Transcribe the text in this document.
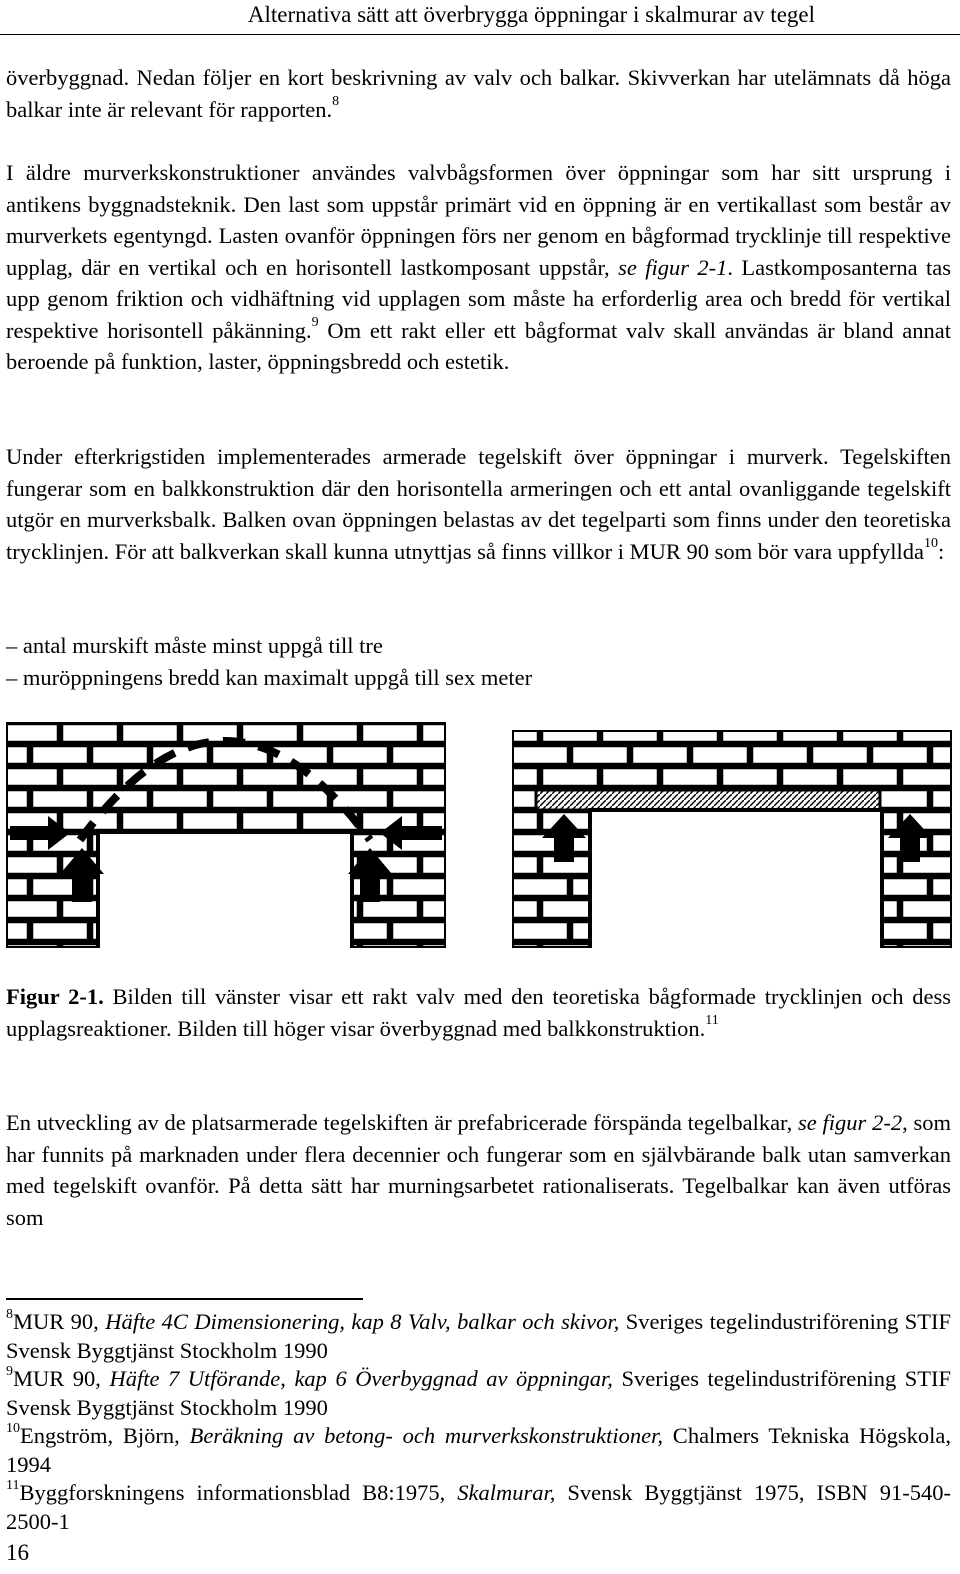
Alternativa sätt att överbrygga öppningar i skalmurar av tegel

överbyggnad. Nedan följer en kort beskrivning av valv och balkar. Skivverkan har utelämnats då höga balkar inte är relevant för rapporten.$^8$

I äldre murverkskonstruktioner användes valvbågsformen över öppningar som har sitt ursprung i antikens byggnadsteknik. Den last som uppstår primärt vid en öppning är en vertikallast som består av murverkets egentyngd. Lasten ovanför öppningen förs ner genom en bågformad trycklinje till respektive upplag, där en vertikal och en horisontell lastkomposant uppstår, se figur 2-1. Lastkomposanterna tas upp genom friktion och vidhäftning vid upplagen som måste ha erforderlig area och bredd för vertikal respektive horisontell påkänning.$^9$ Om ett rakt eller ett bågformat valv skall användas är bland annat beroende på funktion, laster, öppningsbredd och estetik.

Under efterkrigstiden implementerades armerade tegelskift över öppningar i murverk. Tegelskiften fungerar som en balkkonstruktion där den horisontella armeringen och ett antal ovanliggande tegelskift utgör en murverksbalk. Balken ovan öppningen belastas av det tegelparti som finns under den teoretiska trycklinjen. För att balkverkan skall kunna utnyttjas så finns villkor i MUR 90 som bör vara uppfyllda$^{10}$:

– antal murskift måste minst uppgå till tre

– muröppningens bredd kan maximalt uppgå till sex meter

Figur 2-1. Bilden till vänster visar ett rakt valv med den teoretiska bågformade trycklinjen och dess upplagsreaktioner. Bilden till höger visar överbyggnad med balkkonstruktion.$^{11}$

En utveckling av de platsarmerade tegelskiften är prefabricerade förspända tegelbalkar, se figur 2-2, som har funnits på marknaden under flera decennier och fungerar som en självbärande balk utan samverkan med tegelskift ovanför. På detta sätt har murningsarbetet rationaliserats. Tegelbalkar kan även utföras som

$^8$MUR 90, Häfte 4C Dimensionering, kap 8 Valv, balkar och skivor, Sveriges tegelindustriförening STIF Svensk Byggtjänst Stockholm 1990

$^9$MUR 90, Häfte 7 Utförande, kap 6 Överbyggnad av öppningar, Sveriges tegelindustriförening STIF Svensk Byggtjänst Stockholm 1990

$^{10}$Engström, Björn, Beräkning av betong- och murverkskonstruktioner, Chalmers Tekniska Högskola, 1994

$^{11}$Byggforskningens informationsblad B8:1975, Skalmurar, Svensk Byggtjänst 1975, ISBN 91-540-2500-1

16
